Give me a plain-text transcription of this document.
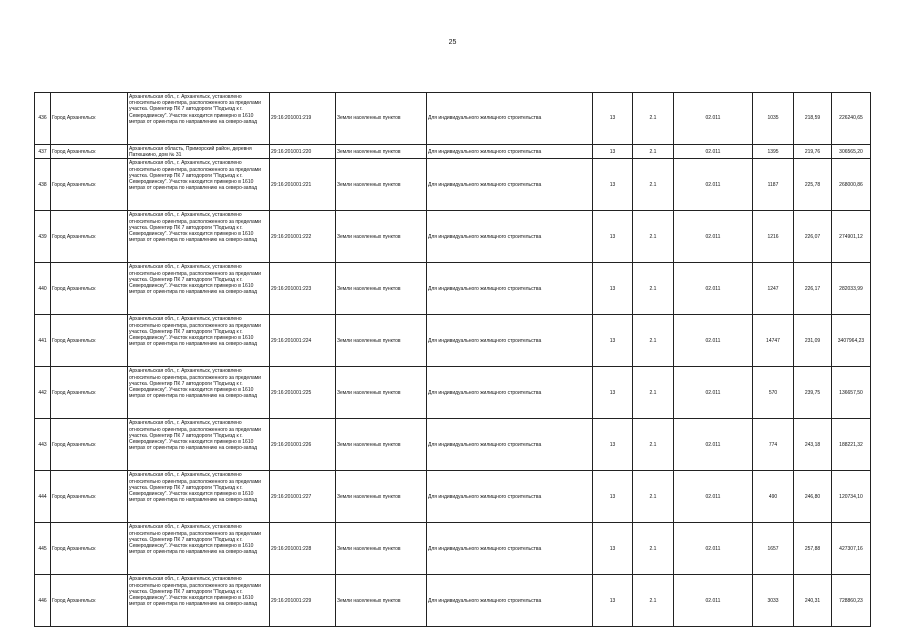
25
436	Город Архангельск	Архангельская обл., г. Архангельск, установлено относительно ориентира, расположенного за пределами участка. Ориентир ПК 7 автодороги "Подъезд к г. Северодвинску". Участок находится примерно в 1610 метрах от ориентира по направлению на северо-запад	29:16:201001:219	Земли населенных пунктов	Для индивидуального жилищного строительства	13	2.1	02.011	1035	218,59	226240,65
437	Город Архангельск	Архангельская область, Приморский район, деревня Патюшкино, дом № 31	29:16:201001:220	Земли населенных пунктов	Для индивидуального жилищного строительства	13	2.1	02.011	1395	219,76	306565,20
438	Город Архангельск	Архангельская обл., г. Архангельск, установлено относительно ориентира, расположенного за пределами участка. Ориентир ПК 7 автодороги "Подъезд к г. Северодвинску". Участок находится примерно в 1610 метрах от ориентира по направлению на северо-запад	29:16:201001:221	Земли населенных пунктов	Для индивидуального жилищного строительства	13	2.1	02.011	1187	225,78	268000,86
439	Город Архангельск	Архангельская обл., г. Архангельск, установлено относительно ориентира, расположенного за пределами участка. Ориентир ПК 7 автодороги "Подъезд к г. Северодвинску". Участок находится примерно в 1610 метрах от ориентира по направлению на северо-запад	29:16:201001:222	Земли населенных пунктов	Для индивидуального жилищного строительства	13	2.1	02.011	1216	226,07	274901,12
440	Город Архангельск	Архангельская обл., г. Архангельск, установлено относительно ориентира, расположенного за пределами участка. Ориентир ПК 7 автодороги "Подъезд к г. Северодвинску". Участок находится примерно в 1610 метрах от ориентира по направлению на северо-запад	29:16:201001:223	Земли населенных пунктов	Для индивидуального жилищного строительства	13	2.1	02.011	1247	226,17	282033,99
441	Город Архангельск	Архангельская обл., г. Архангельск, установлено относительно ориентира, расположенного за пределами участка. Ориентир ПК 7 автодороги "Подъезд к г. Северодвинску". Участок находится примерно в 1610 метрах от ориентира по направлению на северо-запад	29:16:201001:224	Земли населенных пунктов	Для индивидуального жилищного строительства	13	2.1	02.011	14747	231,09	3407964,23
442	Город Архангельск	Архангельская обл., г. Архангельск, установлено относительно ориентира, расположенного за пределами участка. Ориентир ПК 7 автодороги "Подъезд к г. Северодвинску". Участок находится примерно в 1610 метрах от ориентира по направлению на северо-запад	29:16:201001:225	Земли населенных пунктов	Для индивидуального жилищного строительства	13	2.1	02.011	570	239,75	136657,50
443	Город Архангельск	Архангельская обл., г. Архангельск, установлено относительно ориентира, расположенного за пределами участка. Ориентир ПК 7 автодороги "Подъезд к г. Северодвинску". Участок находится примерно в 1610 метрах от ориентира по направлению на северо-запад	29:16:201001:226	Земли населенных пунктов	Для индивидуального жилищного строительства	13	2.1	02.011	774	243,18	188221,32
444	Город Архангельск	Архангельская обл., г. Архангельск, установлено относительно ориентира, расположенного за пределами участка. Ориентир ПК 7 автодороги "Подъезд к г. Северодвинску". Участок находится примерно в 1610 метрах от ориентира по направлению на северо-запад	29:16:201001:227	Земли населенных пунктов	Для индивидуального жилищного строительства	13	2.1	02.011	490	246,80	120734,10
445	Город Архангельск	Архангельская обл., г. Архангельск, установлено относительно ориентира, расположенного за пределами участка. Ориентир ПК 7 автодороги "Подъезд к г. Северодвинску". Участок находится примерно в 1610 метрах от ориентира по направлению на северо-запад	29:16:201001:228	Земли населенных пунктов	Для индивидуального жилищного строительства	13	2.1	02.011	1657	257,88	427307,16
446	Город Архангельск	Архангельская обл., г. Архангельск, установлено относительно ориентира, расположенного за пределами участка. Ориентир ПК 7 автодороги "Подъезд к г. Северодвинску". Участок находится примерно в 1610 метрах от ориентира по направлению на северо-запад	29:16:201001:229	Земли населенных пунктов	Для индивидуального жилищного строительства	13	2.1	02.011	3033	240,31	728860,23
